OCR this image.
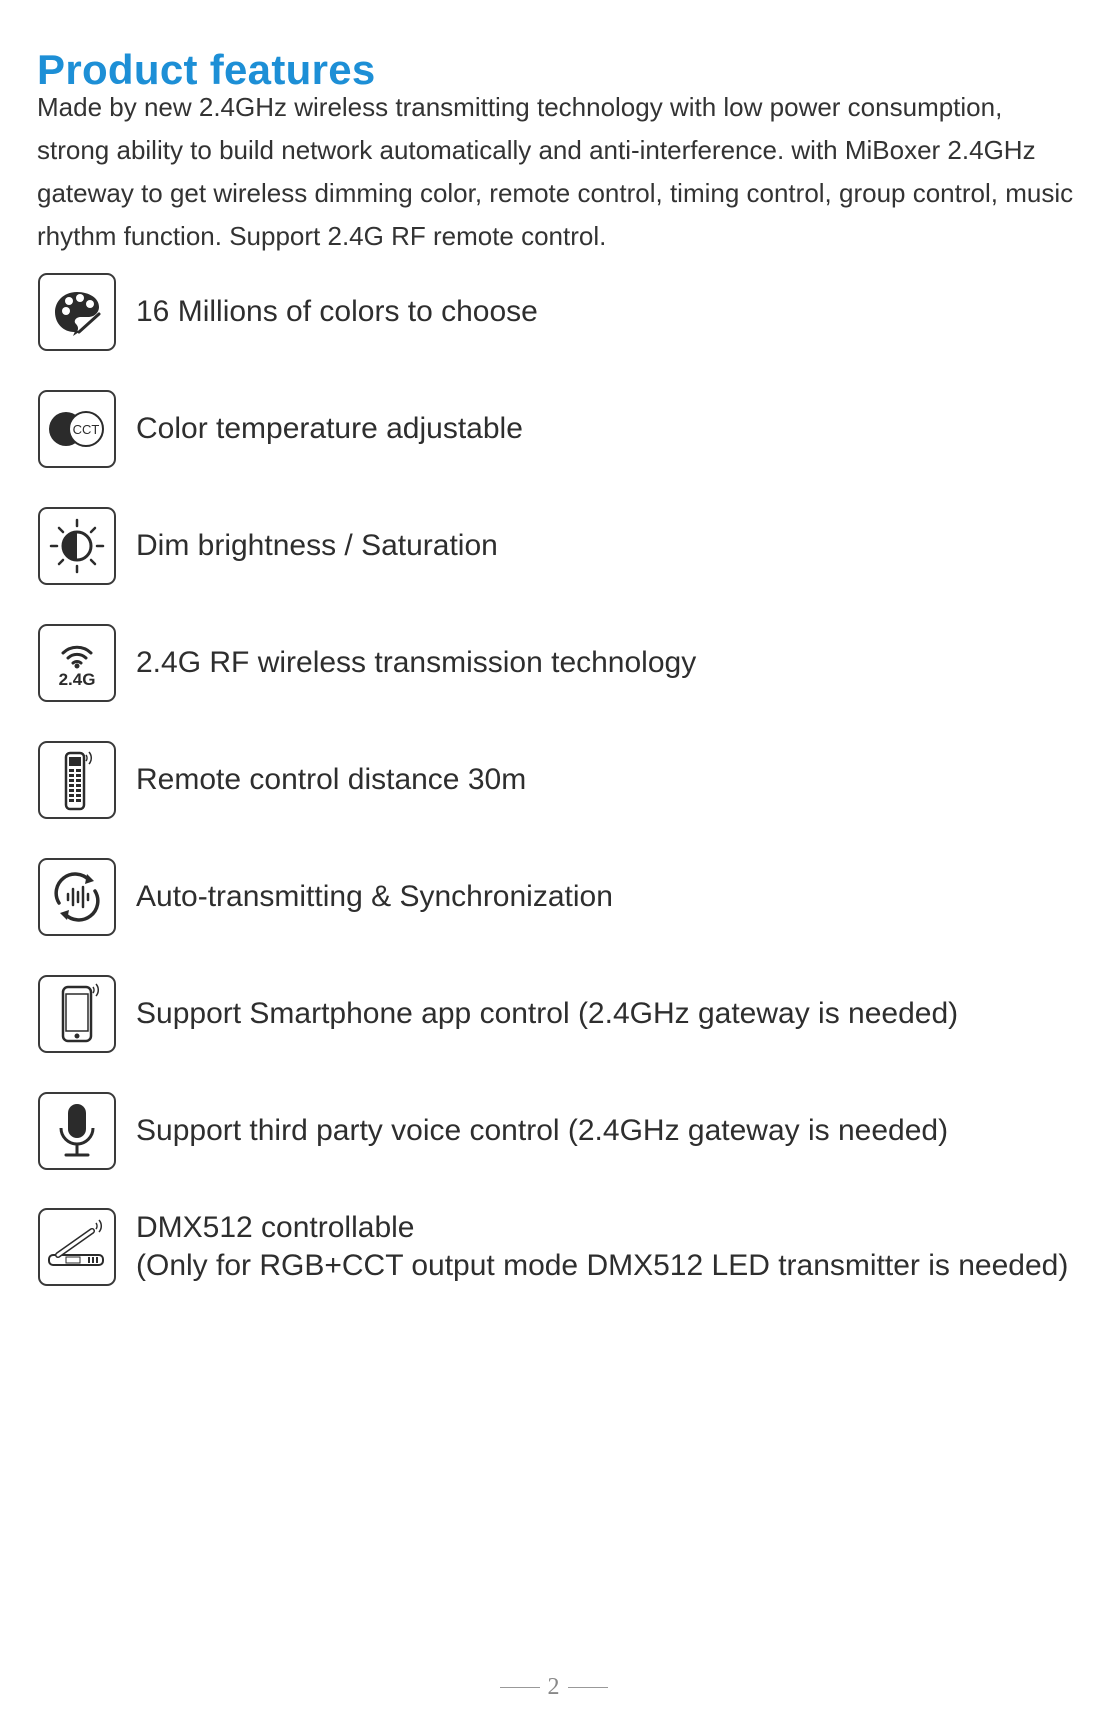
Product features

Made by new 2.4GHz wireless transmitting technology with low power consumption, strong ability to build network automatically and anti-interference. with MiBoxer 2.4GHz gateway to get wireless dimming color, remote control, timing control, group control, music rhythm function. Support 2.4G RF remote control.

16 Millions of colors to choose
CCT Color temperature adjustable
Dim brightness / Saturation
2.4G
2.4G RF wireless transmission technology
Remote control distance 30m
Auto-transmitting & Synchronization
Support Smartphone app control (2.4GHz gateway is needed)
Support third party voice control (2.4GHz gateway is needed)
DMX512 controllable
(Only for RGB+CCT output mode DMX512 LED transmitter is needed)
2
